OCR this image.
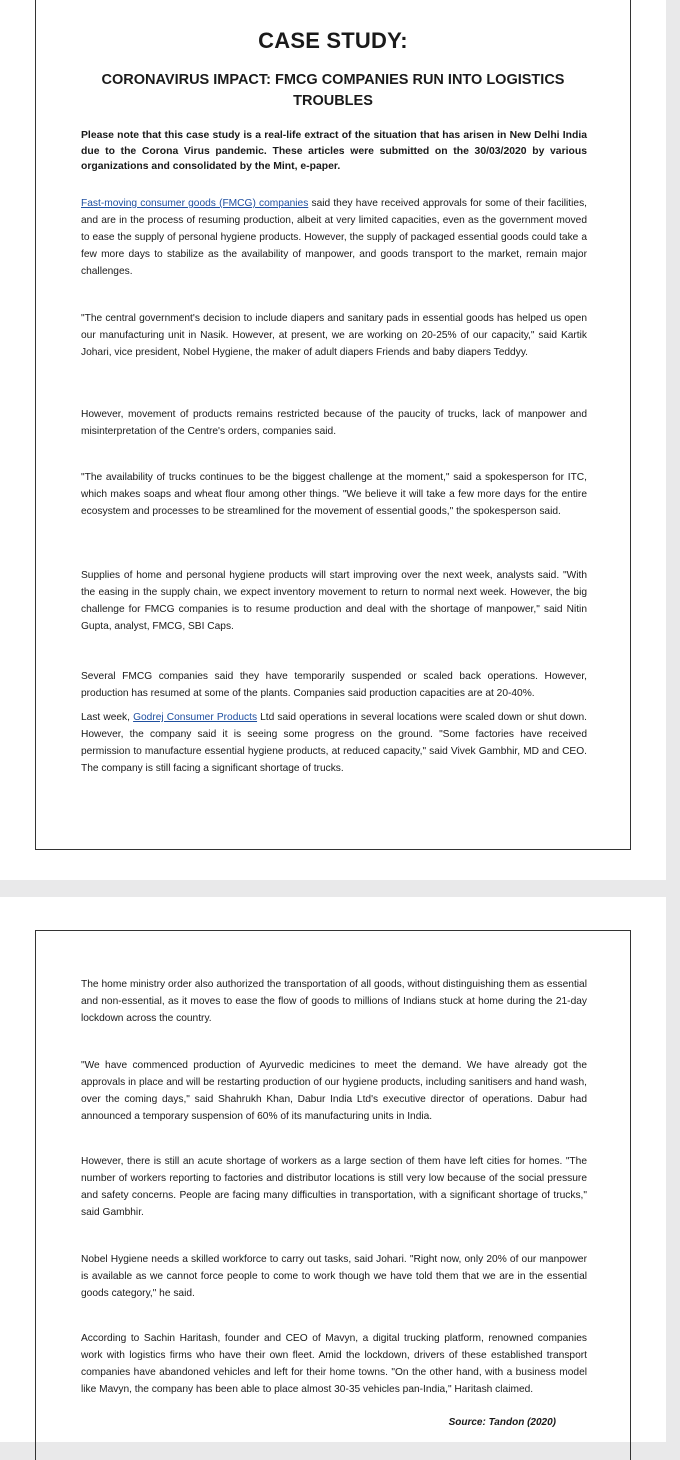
CASE STUDY:
CORONAVIRUS IMPACT: FMCG COMPANIES RUN INTO LOGISTICS TROUBLES

Please note that this case study is a real-life extract of the situation that has arisen in New Delhi India due to the Corona Virus pandemic. These articles were submitted on the 30/03/2020 by various organizations and consolidated by the Mint, e-paper.

Fast-moving consumer goods (FMCG) companies said they have received approvals for some of their facilities, and are in the process of resuming production, albeit at very limited capacities, even as the government moved to ease the supply of personal hygiene products. However, the supply of packaged essential goods could take a few more days to stabilize as the availability of manpower, and goods transport to the market, remain major challenges.

"The central government's decision to include diapers and sanitary pads in essential goods has helped us open our manufacturing unit in Nasik. However, at present, we are working on 20-25% of our capacity," said Kartik Johari, vice president, Nobel Hygiene, the maker of adult diapers Friends and baby diapers Teddyy.

However, movement of products remains restricted because of the paucity of trucks, lack of manpower and misinterpretation of the Centre's orders, companies said.

"The availability of trucks continues to be the biggest challenge at the moment," said a spokesperson for ITC, which makes soaps and wheat flour among other things. "We believe it will take a few more days for the entire ecosystem and processes to be streamlined for the movement of essential goods," the spokesperson said.

Supplies of home and personal hygiene products will start improving over the next week, analysts said. "With the easing in the supply chain, we expect inventory movement to return to normal next week. However, the big challenge for FMCG companies is to resume production and deal with the shortage of manpower," said Nitin Gupta, analyst, FMCG, SBI Caps.

Several FMCG companies said they have temporarily suspended or scaled back operations. However, production has resumed at some of the plants. Companies said production capacities are at 20-40%.

Last week, Godrej Consumer Products Ltd said operations in several locations were scaled down or shut down. However, the company said it is seeing some progress on the ground. "Some factories have received permission to manufacture essential hygiene products, at reduced capacity," said Vivek Gambhir, MD and CEO. The company is still facing a significant shortage of trucks.

The home ministry order also authorized the transportation of all goods, without distinguishing them as essential and non-essential, as it moves to ease the flow of goods to millions of Indians stuck at home during the 21-day lockdown across the country.

"We have commenced production of Ayurvedic medicines to meet the demand. We have already got the approvals in place and will be restarting production of our hygiene products, including sanitisers and hand wash, over the coming days," said Shahrukh Khan, Dabur India Ltd's executive director of operations. Dabur had announced a temporary suspension of 60% of its manufacturing units in India.

However, there is still an acute shortage of workers as a large section of them have left cities for homes. "The number of workers reporting to factories and distributor locations is still very low because of the social pressure and safety concerns. People are facing many difficulties in transportation, with a significant shortage of trucks," said Gambhir.

Nobel Hygiene needs a skilled workforce to carry out tasks, said Johari. "Right now, only 20% of our manpower is available as we cannot force people to come to work though we have told them that we are in the essential goods category," he said.

According to Sachin Haritash, founder and CEO of Mavyn, a digital trucking platform, renowned companies work with logistics firms who have their own fleet. Amid the lockdown, drivers of these established transport companies have abandoned vehicles and left for their home towns. "On the other hand, with a business model like Mavyn, the company has been able to place almost 30-35 vehicles pan-India," Haritash claimed.

Source: Tandon (2020)
